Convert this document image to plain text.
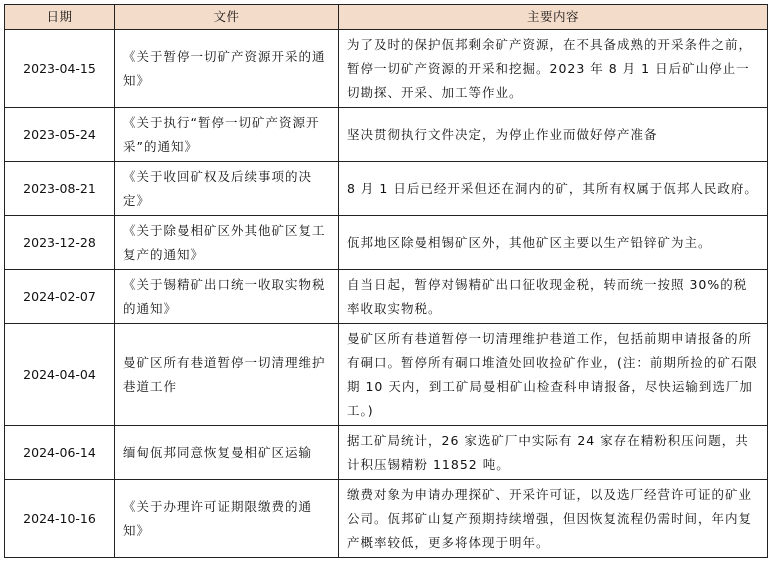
日期	文件	主要内容
2023-04-15	《关于暂停一切矿产资源开采的通知》	为了及时的保护佤邦剩余矿产资源，在不具备成熟的开采条件之前，暂停一切矿产资源的开采和挖掘。2023 年 8 月 1 日后矿山停止一切勘探、开采、加工等作业。
2023-05-24	《关于执行“暂停一切矿产资源开采”的通知》	坚决贯彻执行文件决定，为停止作业而做好停产准备
2023-08-21	《关于收回矿权及后续事项的决定》	8 月 1 日后已经开采但还在洞内的矿，其所有权属于佤邦人民政府。
2023-12-28	《关于除曼相矿区外其他矿区复工复产的通知》	佤邦地区除曼相锡矿区外，其他矿区主要以生产铅锌矿为主。
2024-02-07	《关于锡精矿出口统一收取实物税的通知》	自当日起，暂停对锡精矿出口征收现金税，转而统一按照 30%的税率收取实物税。
2024-04-04	曼矿区所有巷道暂停一切清理维护巷道工作	曼矿区所有巷道暂停一切清理维护巷道工作，包括前期申请报备的所有硐口。暂停所有硐口堆渣处回收捡矿作业，(注：前期所捡的矿石限期 10 天内，到工矿局曼相矿山检查科申请报备，尽快运输到选厂加工。)
2024-06-14	缅甸佤邦同意恢复曼相矿区运输	据工矿局统计，26 家选矿厂中实际有 24 家存在精粉积压问题，共计积压锡精粉 11852 吨。
2024-10-16	《关于办理许可证期限缴费的通知》	缴费对象为申请办理探矿、开采许可证，以及选厂经营许可证的矿业公司。佤邦矿山复产预期持续增强，但因恢复流程仍需时间，年内复产概率较低，更多将体现于明年。
